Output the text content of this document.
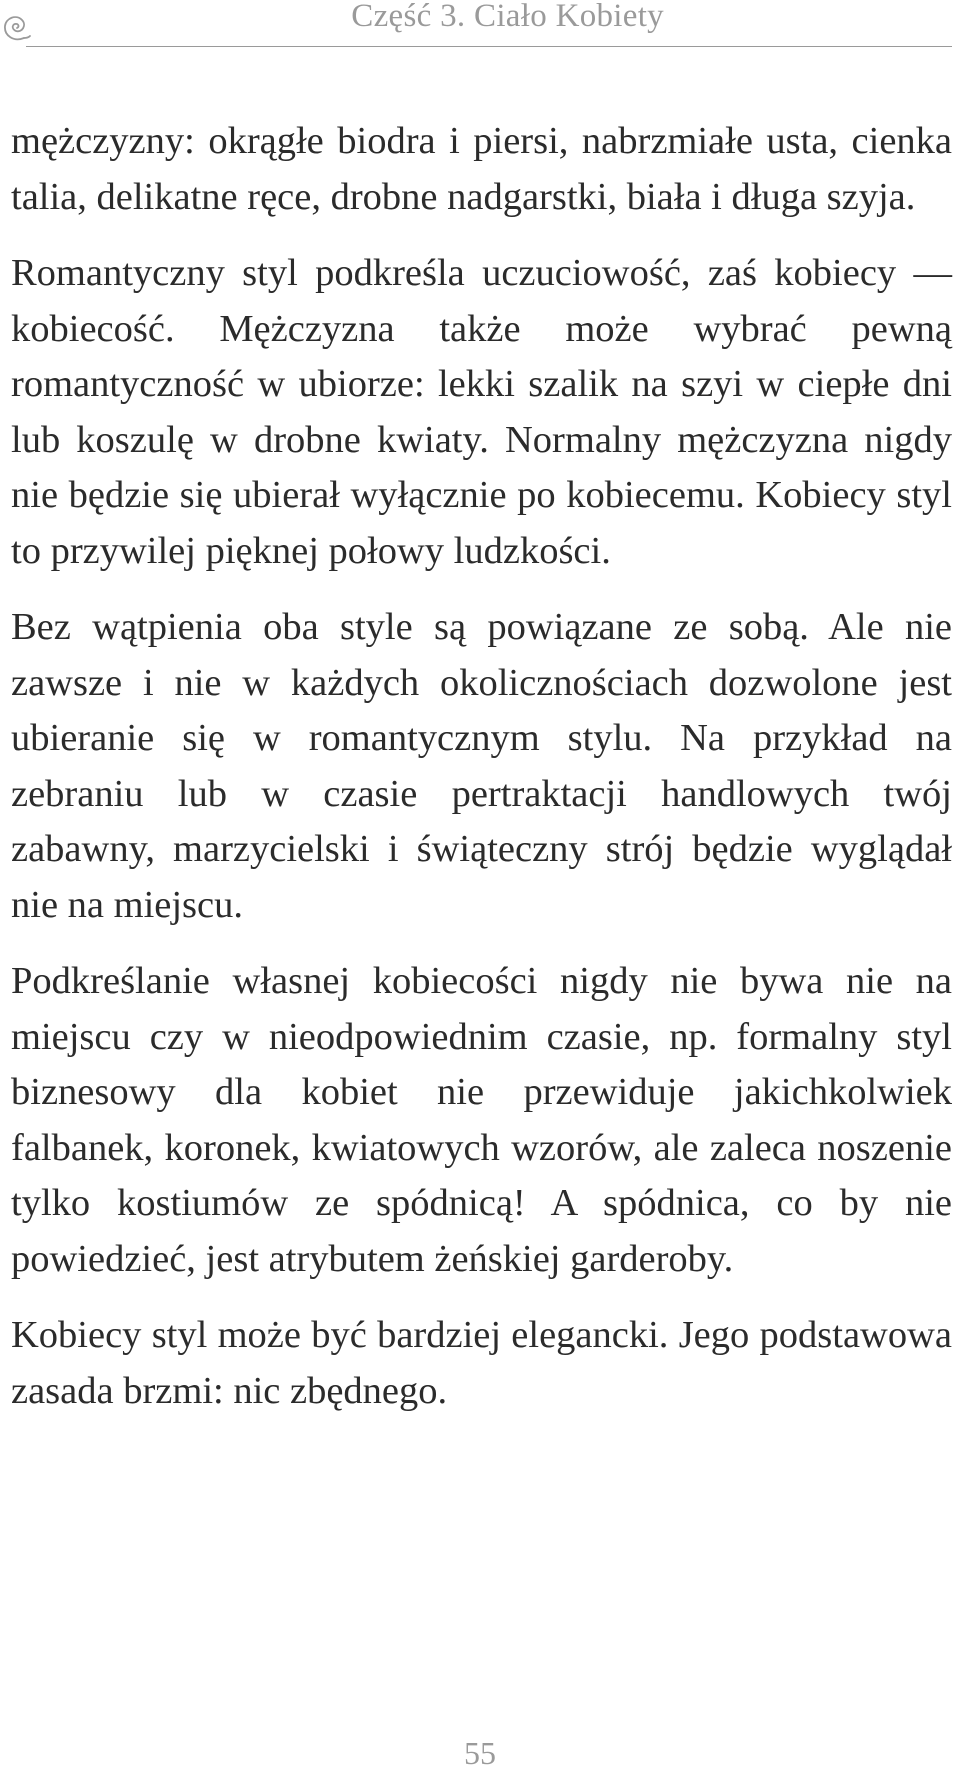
Część 3. Ciało Kobiety

mężczyzny: okrągłe biodra i piersi, nabrzmiałe usta, cienka talia, delikatne ręce, drobne nadgarstki, biała i długa szyja.

Romantyczny styl podkreśla uczuciowość, zaś kobiecy — kobiecość. Mężczyzna także może wybrać pewną romantyczność w ubiorze: lekki szalik na szyi w ciepłe dni lub koszulę w drobne kwiaty. Normalny mężczyzna nigdy nie będzie się ubierał wyłącznie po kobiecemu. Kobiecy styl to przywilej pięknej połowy ludzkości.

Bez wątpienia oba style są powiązane ze sobą. Ale nie zawsze i nie w każdych okolicznościach dozwolone jest ubieranie się w romantycznym stylu. Na przykład na zebraniu lub w czasie pertraktacji handlowych twój zabawny, marzycielski i świąteczny strój będzie wyglądał nie na miejscu.

Podkreślanie własnej kobiecości nigdy nie bywa nie na miejscu czy w nieodpowiednim czasie, np. formalny styl biznesowy dla kobiet nie przewiduje jakichkolwiek falbanek, koronek, kwiatowych wzorów, ale zaleca noszenie tylko kostiumów ze spódnicą! A spódnica, co by nie powiedzieć, jest atrybutem żeńskiej garderoby.

Kobiecy styl może być bardziej elegancki. Jego podstawowa zasada brzmi: nic zbędnego.

55
